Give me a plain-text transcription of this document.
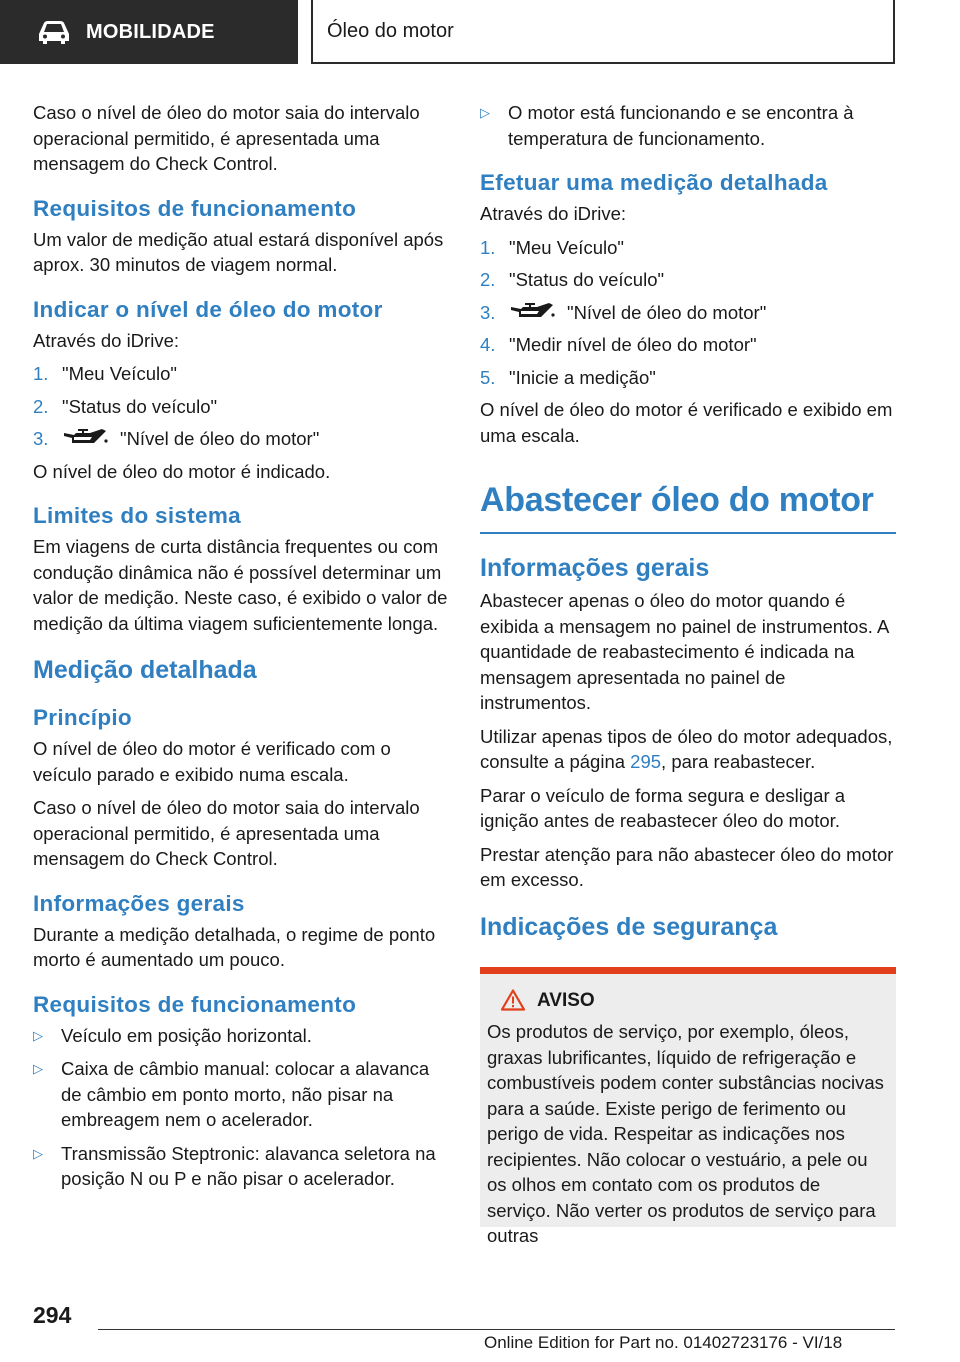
MOBILIDADE	Óleo do motor

Caso o nível de óleo do motor saia do intervalo operacional permitido, é apresentada uma mensagem do Check Control.

Requisitos de funcionamento

Um valor de medição atual estará disponível após aprox. 30 minutos de viagem normal.

Indicar o nível de óleo do motor

Através do iDrive:

1. "Meu Veículo"
2. "Status do veículo"
3.	"Nível de óleo do motor"

O nível de óleo do motor é indicado.

Limites do sistema

Em viagens de curta distância frequentes ou com condução dinâmica não é possível determinar um valor de medição. Neste caso, é exibido o valor de medição da última viagem suficientemente longa.

Medição detalhada
Princípio

O nível de óleo do motor é verificado com o veículo parado e exibido numa escala.

Caso o nível de óleo do motor saia do intervalo operacional permitido, é apresentada uma mensagem do Check Control.

Informações gerais

Durante a medição detalhada, o regime de ponto morto é aumentado um pouco.

Requisitos de funcionamento
▷ Veículo em posição horizontal.
▷ Caixa de câmbio manual: colocar a alavanca de câmbio em ponto morto, não pisar na embreagem nem o acelerador.
▷ Transmissão Steptronic: alavanca seletora na posição N ou P e não pisar o acelerador.
▷ O motor está funcionando e se encontra à temperatura de funcionamento.
Efetuar uma medição detalhada

Através do iDrive:

1. "Meu Veículo"
2. "Status do veículo"
3.	"Nível de óleo do motor"
4. "Medir nível de óleo do motor"
5. "Inicie a medição"

O nível de óleo do motor é verificado e exibido em uma escala.

Abastecer óleo do motor
Informações gerais

Abastecer apenas o óleo do motor quando é exibida a mensagem no painel de instrumentos. A quantidade de reabastecimento é indicada na mensagem apresentada no painel de instrumentos.

Utilizar apenas tipos de óleo do motor adequados, consulte a página 295, para reabastecer.

Parar o veículo de forma segura e desligar a ignição antes de reabastecer óleo do motor.

Prestar atenção para não abastecer óleo do motor em excesso.

Indicações de segurança
AVISO

Os produtos de serviço, por exemplo, óleos, graxas lubrificantes, líquido de refrigeração e combustíveis podem conter substâncias nocivas para a saúde. Existe perigo de ferimento ou perigo de vida. Respeitar as indicações nos recipientes. Não colocar o vestuário, a pele ou os olhos em contato com os produtos de serviço. Não verter os produtos de serviço para outras

294
Online Edition for Part no. 01402723176 - VI/18
